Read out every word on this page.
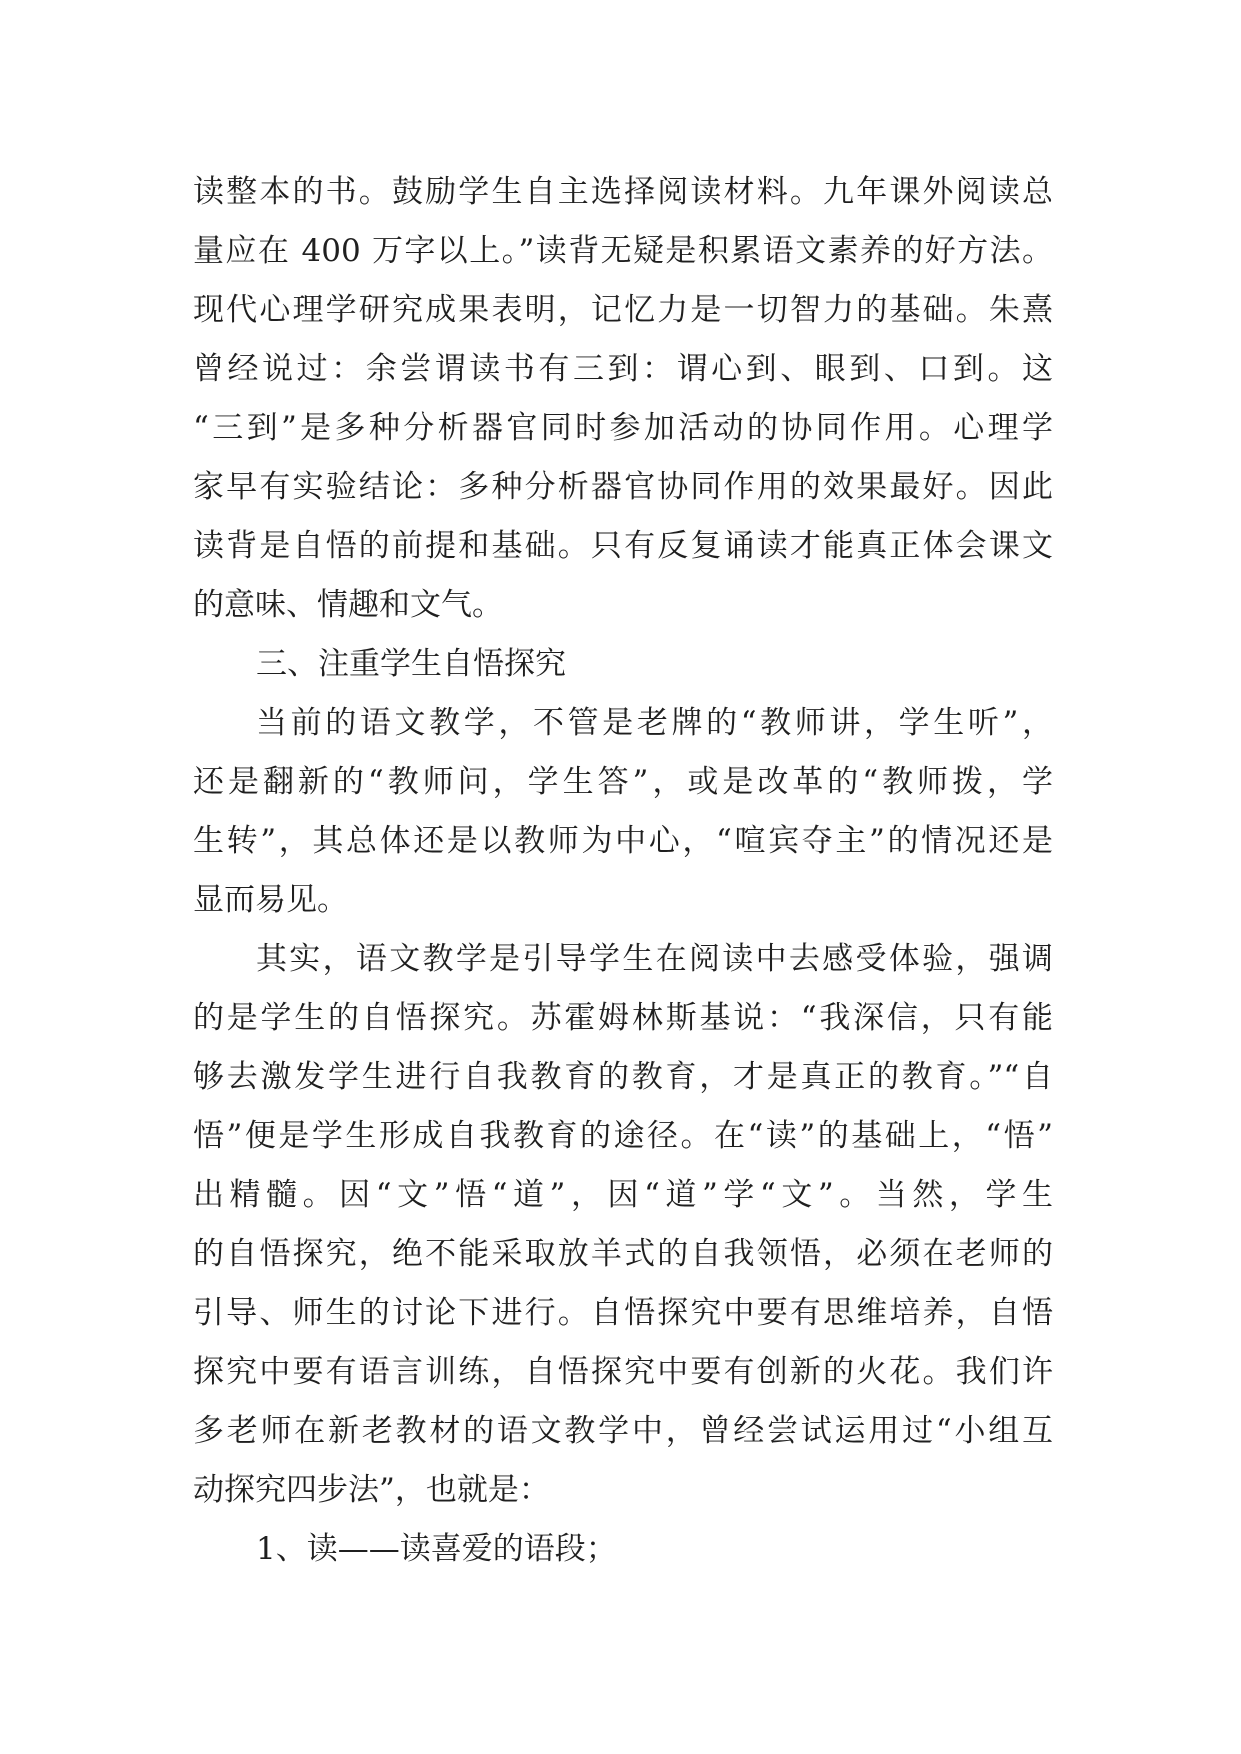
读整本的书。鼓励学生自主选择阅读材料。九年课外阅读总
量应在 400 万字以上。”读背无疑是积累语文素养的好方法。
现代心理学研究成果表明，记忆力是一切智力的基础。朱熹
曾经说过：余尝谓读书有三到：谓心到、眼到、口到。这
“三到”是多种分析器官同时参加活动的协同作用。心理学
家早有实验结论：多种分析器官协同作用的效果最好。因此
读背是自悟的前提和基础。只有反复诵读才能真正体会课文
的意味、情趣和文气。
三、注重学生自悟探究
当前的语文教学，不管是老牌的“教师讲，学生听”，
还是翻新的“教师问，学生答”，或是改革的“教师拨，学
生转”，其总体还是以教师为中心，“喧宾夺主”的情况还是
显而易见。
其实，语文教学是引导学生在阅读中去感受体验，强调
的是学生的自悟探究。苏霍姆林斯基说：“我深信，只有能
够去激发学生进行自我教育的教育，才是真正的教育。”“自
悟”便是学生形成自我教育的途径。在“读”的基础上，“悟”
出精髓。因“文”悟“道”，因“道”学“文”。当然，学生
的自悟探究，绝不能采取放羊式的自我领悟，必须在老师的
引导、师生的讨论下进行。自悟探究中要有思维培养，自悟
探究中要有语言训练，自悟探究中要有创新的火花。我们许
多老师在新老教材的语文教学中，曾经尝试运用过“小组互
动探究四步法”，也就是：
1、读——读喜爱的语段；
